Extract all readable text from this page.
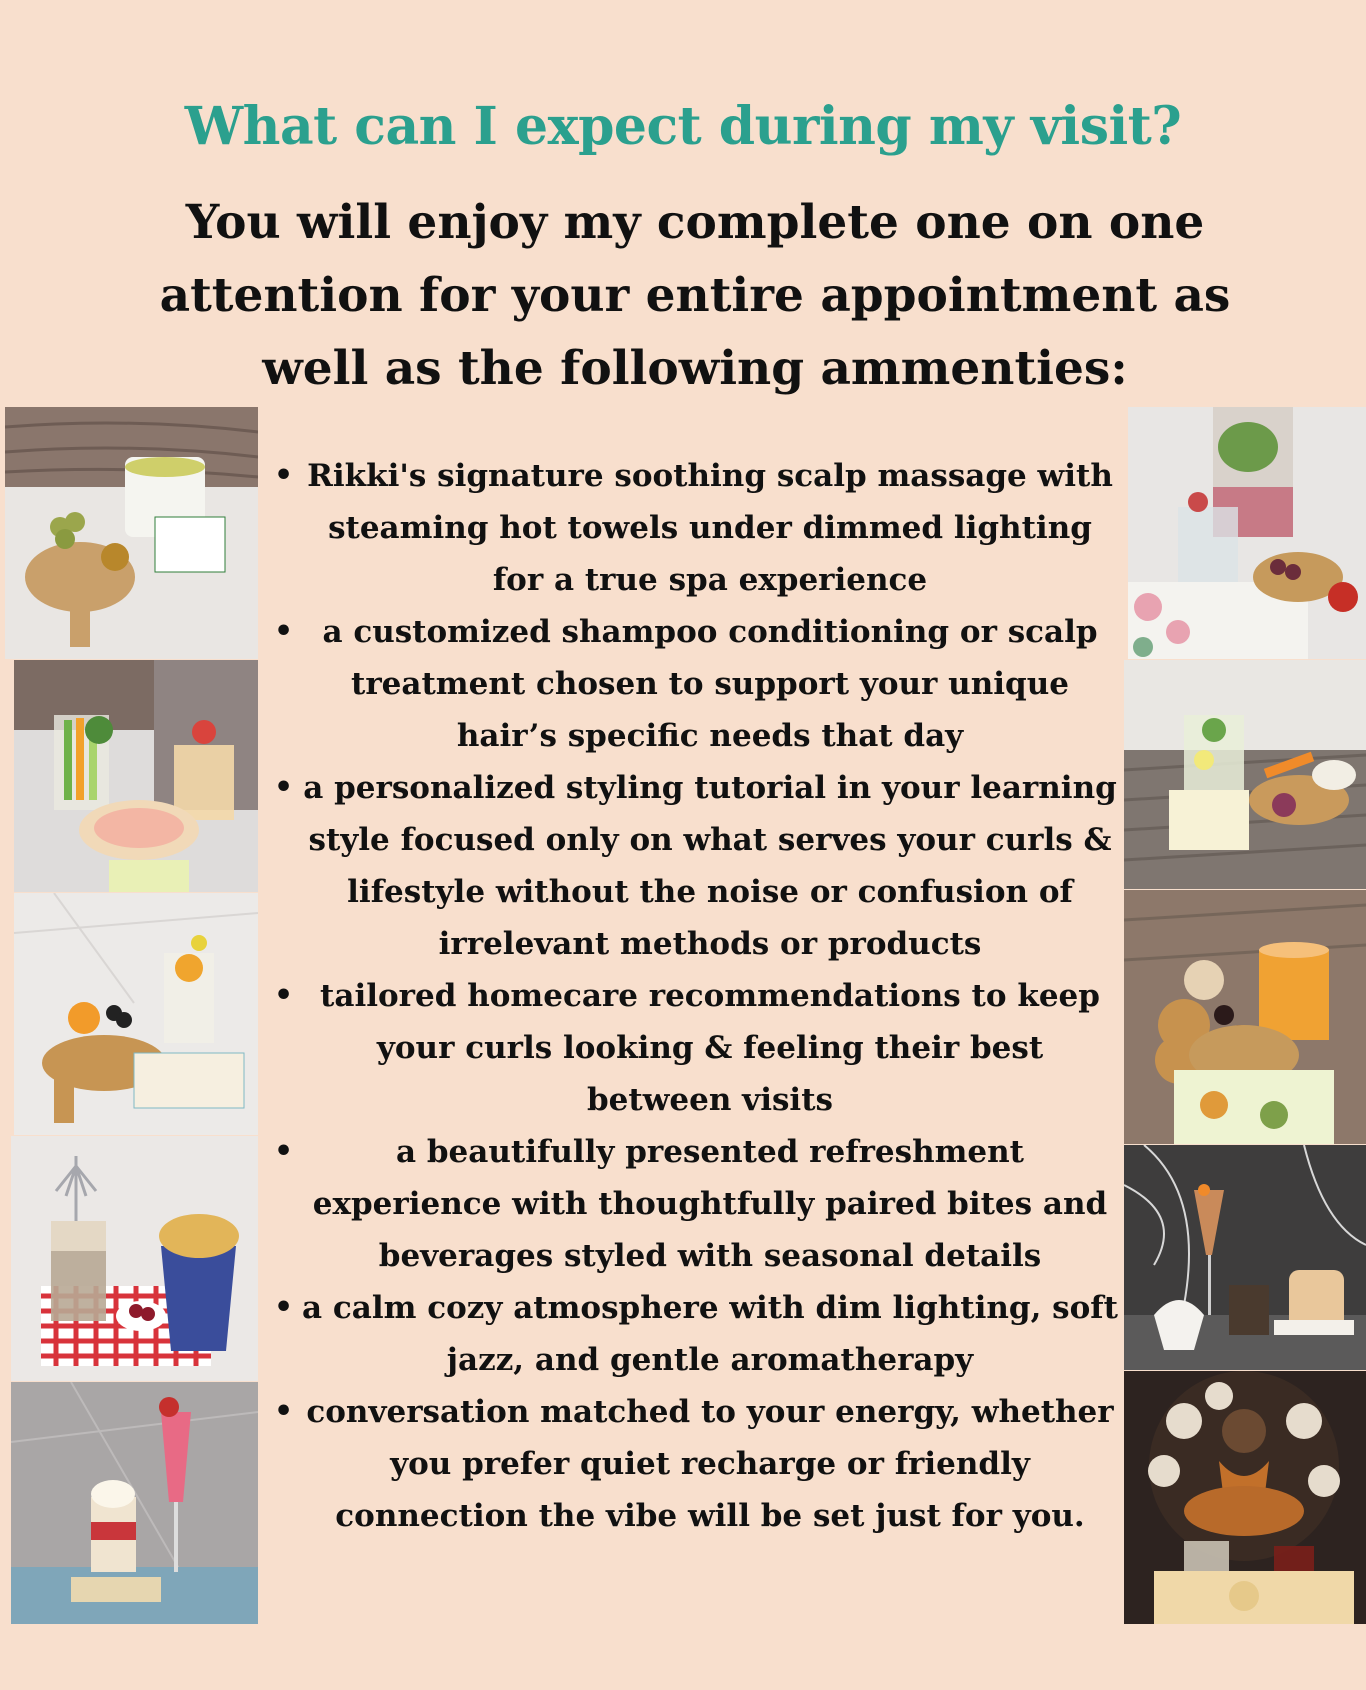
What can I expect during my visit?

You will enjoy my complete one on one attention for your entire appointment as well as the following ammenties:

• Rikki's signature soothing scalp massage with steaming hot towels under dimmed lighting for a true spa experience
• a customized shampoo conditioning or scalp treatment chosen to support your unique hair’s specific needs that day
• a personalized styling tutorial in your learning style focused only on what serves your curls & lifestyle without the noise or confusion of irrelevant methods or products
• tailored homecare recommendations to keep your curls looking & feeling their best between visits
•	a beautifully presented refreshment experience with thoughtfully paired bites and beverages styled with seasonal details
• a calm cozy atmosphere with dim lighting, soft jazz, and gentle aromatherapy
• conversation matched to your energy, whether you prefer quiet recharge or friendly connection the vibe will be set just for you.
